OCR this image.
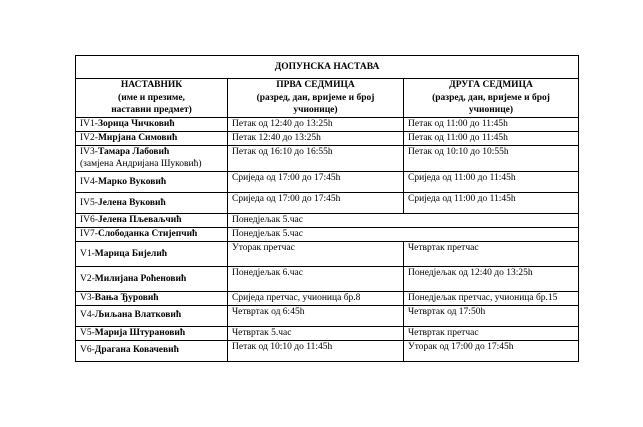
ДОПУНСКА НАСТАВА		

НАСТАВНИК
(име и презиме,
наставни предмет)	ПРВА СЕДМИЦА
(разред, дан, вријеме и број
учионице)	ДРУГА СЕДМИЦА
(разред, дан, вријеме и број
учионице)

IV1-Зорица Чичковић	Петак од 12:40 до 13:25h	Петак од 11:00 до 11:45h
IV2-Мирјана Симовић	Петак 12:40 до 13:25h	Петак од 11:00 до 11:45h
IV3-Тамара Лабовић
(замјена Андријана Шуковић)	Петак од 16:10 до 16:55h	Петак од 10:10 до 10:55h
IV4-Марко Вуковић	Сриједа од 17:00 до 17:45h	Сриједа од 11:00 до 11:45h
IV5-Јелена Вуковић	Сриједа од 17:00 до 17:45h	Сриједа од 11:00 до 11:45h
IV6-Јелена Пљеваљчић	Понедјељак 5.час	
IV7-Слободанка Стијепчић	Понедјељак 5.час	
V1-Марица Бијелић	Уторак претчас	Четвртак претчас
V2-Милијана Роћеновић	Понедјељак 6.час	Понедјељак од 12:40 до 13:25h
V3-Вања Ђуровић	Сриједа претчас, учионица бр.8	Понедјељак претчас, учионица бр.15
V4-Љиљана Влатковић	Четвртак од 6:45h	Четвртак од 17:50h
V5-Марија Штурановић	Четвртак 5.час	Четвртак претчас
V6-Драгана Ковачевић	Петак од 10:10 до 11:45h	Уторак од 17:00 до 17:45h
